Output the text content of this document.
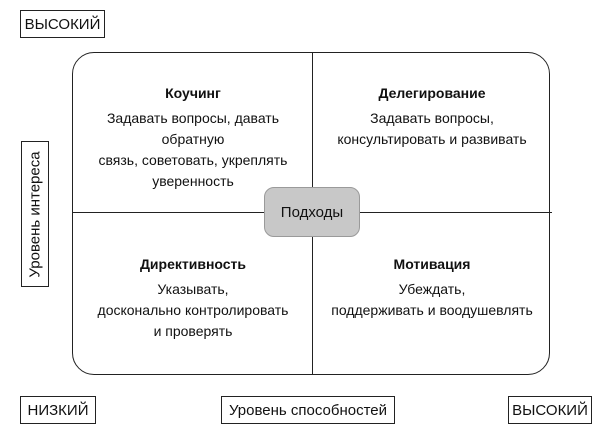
ВЫСОКИЙ
Уровень интереса
Коучинг
Задавать вопросы, давать обратную
связь, советовать, укреплять
уверенность
Делегирование
Задавать вопросы,
консультировать и развивать
Директивность
Указывать,
досконально контролировать
и проверять
Мотивация
Убеждать,
поддерживать и воодушевлять
Подходы
НИЗКИЙ	Уровень способностей	ВЫСОКИЙ
